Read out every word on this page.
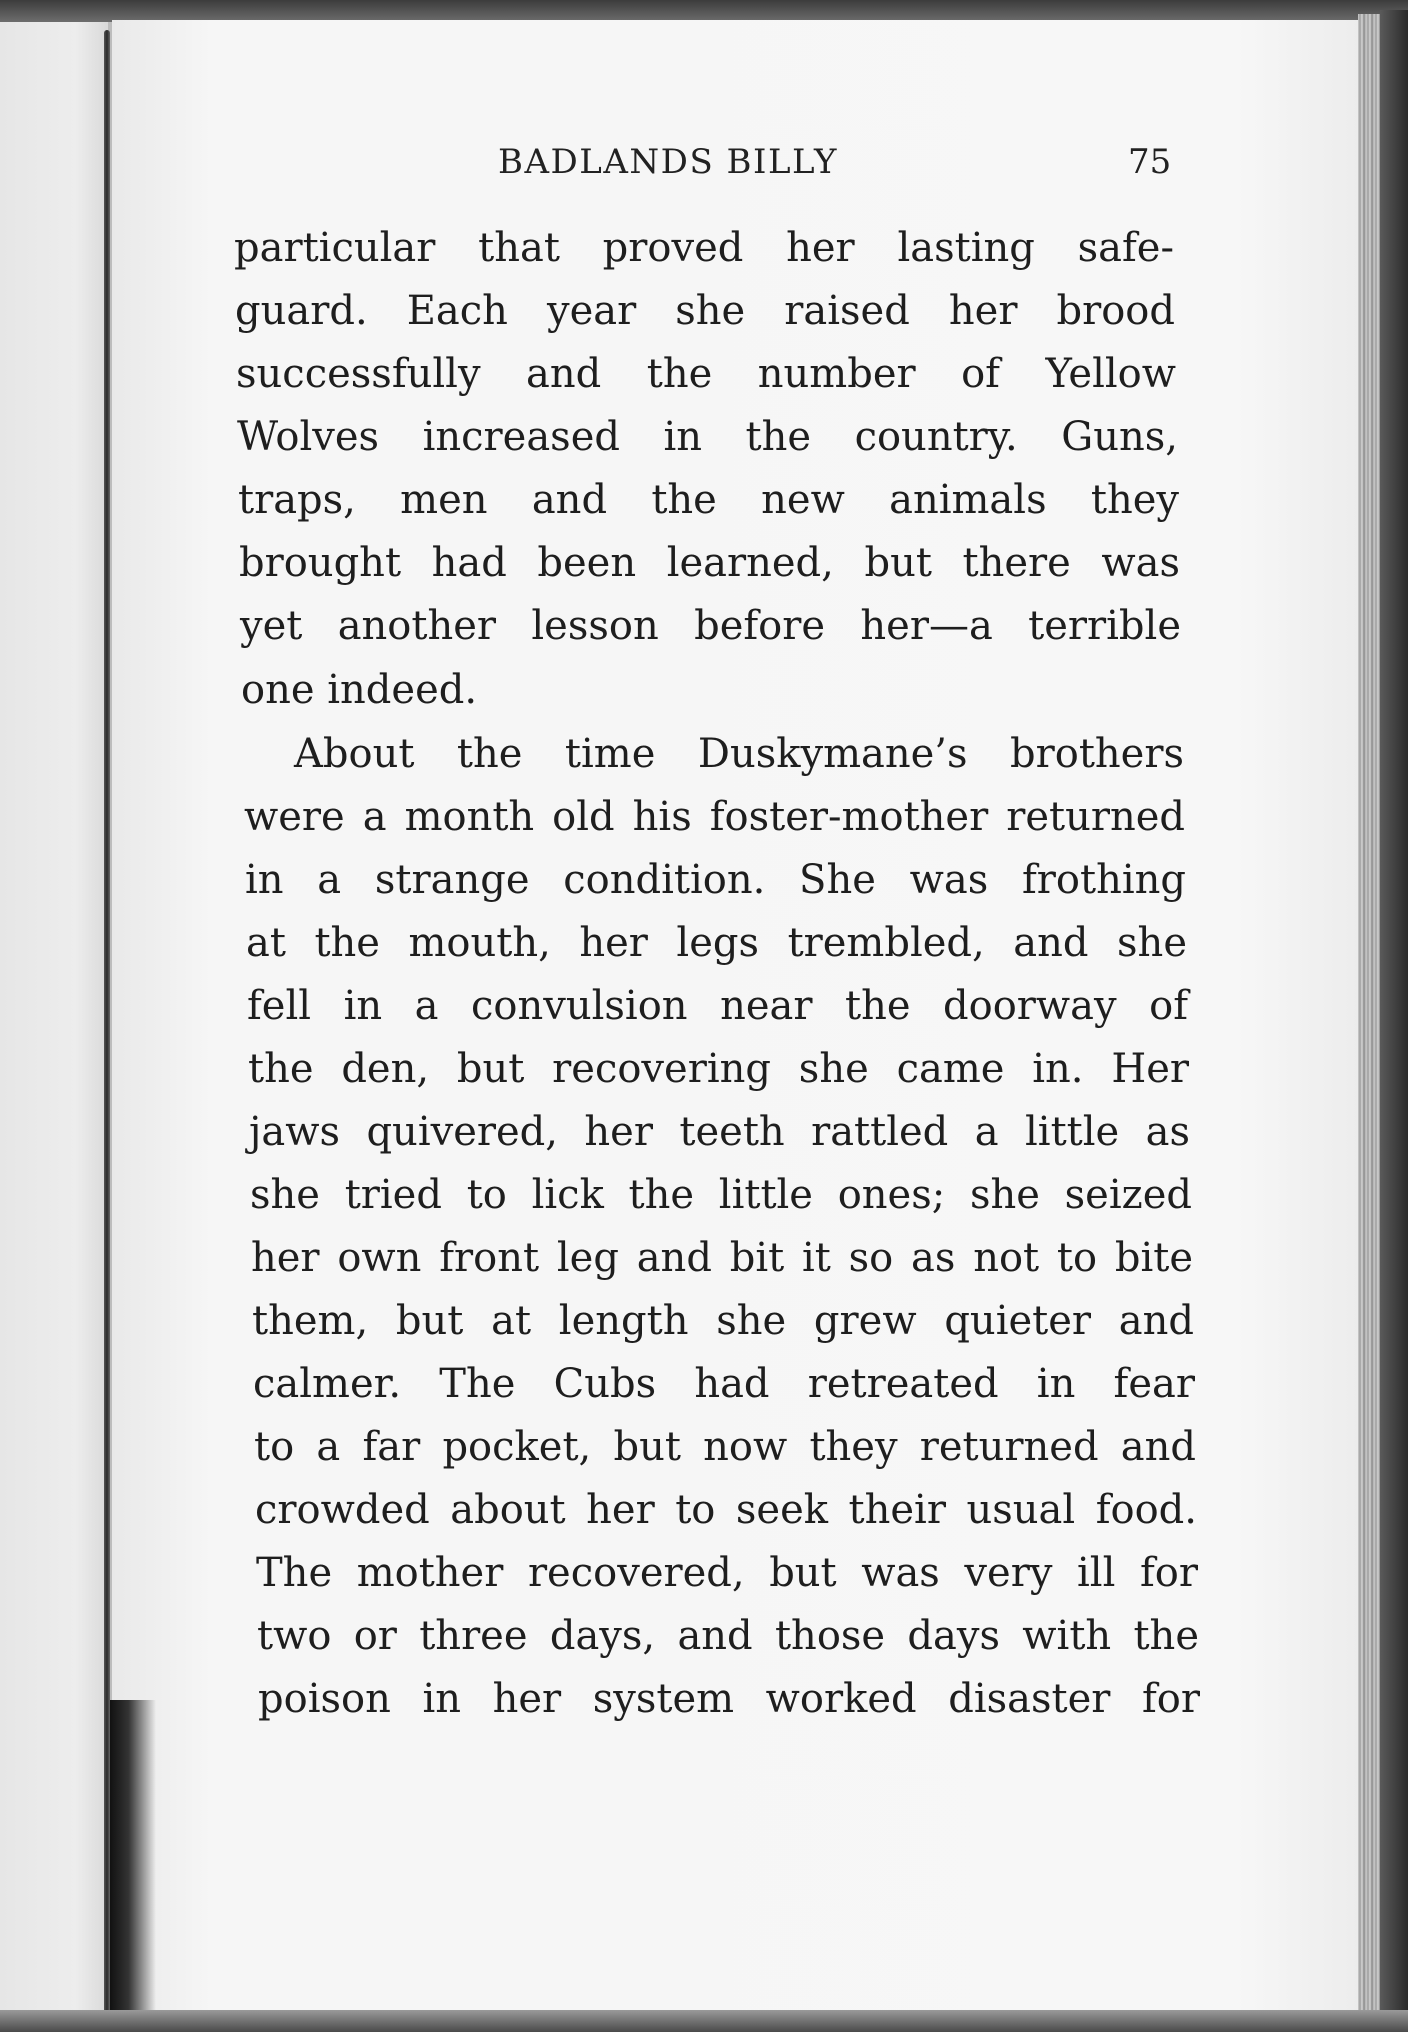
BADLANDS BILLY	75
particular that proved her lasting safe-
guard. Each year she raised her brood
successfully and the number of Yellow
Wolves increased in the country. Guns,
traps, men and the new animals they
brought had been learned, but there was
yet another lesson before her—a terrible
one indeed.
About the time Duskymane’s brothers
were a month old his foster-mother returned
in a strange condition. She was frothing
at the mouth, her legs trembled, and she
fell in a convulsion near the doorway of
the den, but recovering she came in. Her
jaws quivered, her teeth rattled a little as
she tried to lick the little ones; she seized
her own front leg and bit it so as not to bite
them, but at length she grew quieter and
calmer. The Cubs had retreated in fear
to a far pocket, but now they returned and
crowded about her to seek their usual food.
The mother recovered, but was very ill for
two or three days, and those days with the
poison in her system worked disaster for
